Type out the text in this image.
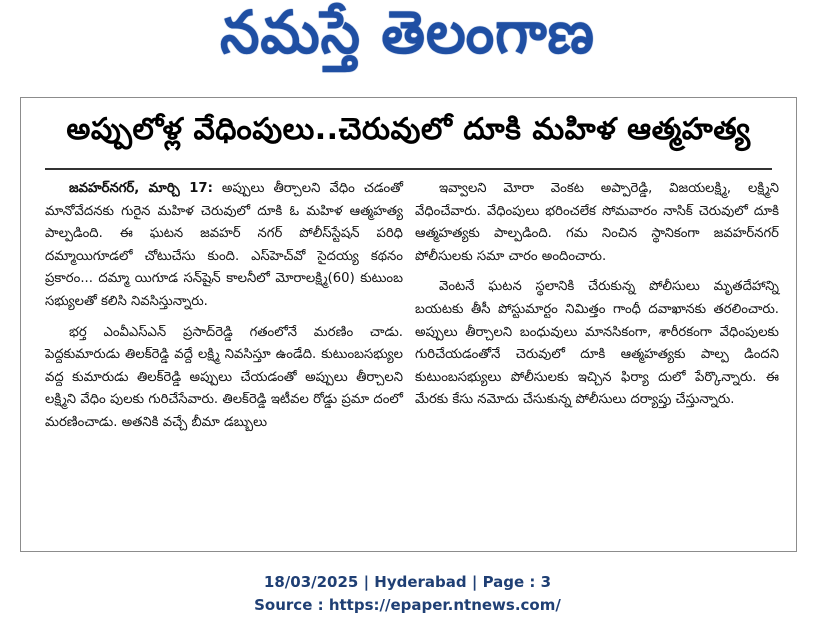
నమస్తే తెలంగాణ
అప్పులోళ్ల వేధింపులు..చెరువులో దూకి మహిళ ఆత్మహత్య

జవహర్‌నగర్, మార్చి 17: అప్పులు తీర్చాలని వేధిం చడంతో మానోవేదనకు గురైన మహిళ చెరువులో దూకి ఓ మహిళ ఆత్మహత్య పాల్పడింది. ఈ ఘటన జవహర్ నగర్ పోలీస్‌స్టేషన్ పరిధి దమ్మాయిగూడలో చోటుచేసు కుంది. ఎస్‌హెచ్‌వో సైదయ్య కథనం ప్రకారం... దమ్మా యిగూడ సన్‌షైన్ కాలనీలో మోరాలక్ష్మి(60) కుటుంబ సభ్యులతో కలిసి నివసిస్తున్నారు.

భర్త ఎంవీఎస్‌ఎన్ ప్రసాద్‌రెడ్డి గతంలోనే మరణిం చాడు. పెద్దకుమారుడు తిలక్‌రెడ్డి వద్దే లక్ష్మి నివసిస్తూ ఉండేది. కుటుంబసభ్యుల వద్ద కుమారుడు తిలక్‌రెడ్డి అప్పులు చేయడంతో అప్పులు తీర్చాలని లక్ష్మిని వేధిం పులకు గురిచేసేవారు. తిలక్‌రెడ్డి ఇటీవల రోడ్డు ప్రమా దంలో మరణించాడు. అతనికి వచ్చే బీమా డబ్బులు

ఇవ్వాలని మోరా వెంకట అప్పారెడ్డి, విజయలక్ష్మి, లక్ష్మిని వేధించేవారు. వేధింపులు భరించలేక సోమవారం నాసిక్ చెరువులో దూకి ఆత్మహత్యకు పాల్పడింది. గమ నించిన స్థానికంగా జవహర్‌నగర్ పోలీసులకు సమా చారం అందించారు.

వెంటనే ఘటన స్థలానికి చేరుకున్న పోలీసులు మృతదేహాన్ని బయటకు తీసీ పోస్టుమార్టం నిమిత్తం గాంధీ దవాఖానకు తరలించారు. అప్పులు తీర్చాలని బంధువులు మానసికంగా, శారీరకంగా వేధింపులకు గురిచేయడంతోనే చెరువులో దూకి ఆత్మహత్యకు పాల్ప డిందని కుటుంబసభ్యులు పోలీసులకు ఇచ్చిన ఫిర్యా దులో పేర్కొన్నారు. ఈ మేరకు కేసు నమోదు చేసుకున్న పోలీసులు దర్యాప్తు చేస్తున్నారు.

18/03/2025 | Hyderabad | Page : 3
Source : https://epaper.ntnews.com/
